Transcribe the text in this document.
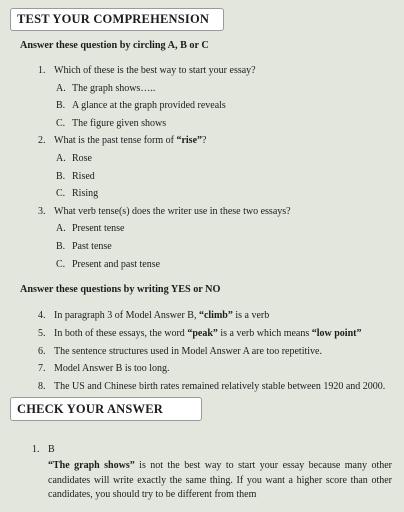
TEST YOUR COMPREHENSION
Answer these question by circling A, B or C
1. Which of these is the best way to start your essay?
A. The graph shows…..
B. A glance at the graph provided reveals
C. The figure given shows
2. What is the past tense form of “rise”?
A. Rose
B. Rised
C. Rising
3. What verb tense(s) does the writer use in these two essays?
A. Present tense
B. Past tense
C. Present and past tense
Answer these questions by writing YES or NO
4. In paragraph 3 of Model Answer B, “climb” is a verb
5. In both of these essays, the word “peak” is a verb which means “low point”
6. The sentence structures used in Model Answer A are too repetitive.
7. Model Answer B is too long.
8. The US and Chinese birth rates remained relatively stable between 1920 and 2000.
CHECK YOUR ANSWER
1. B
“The graph shows” is not the best way to start your essay because many other candidates will write exactly the same thing. If you want a higher score than other candidates, you should try to be different from them
